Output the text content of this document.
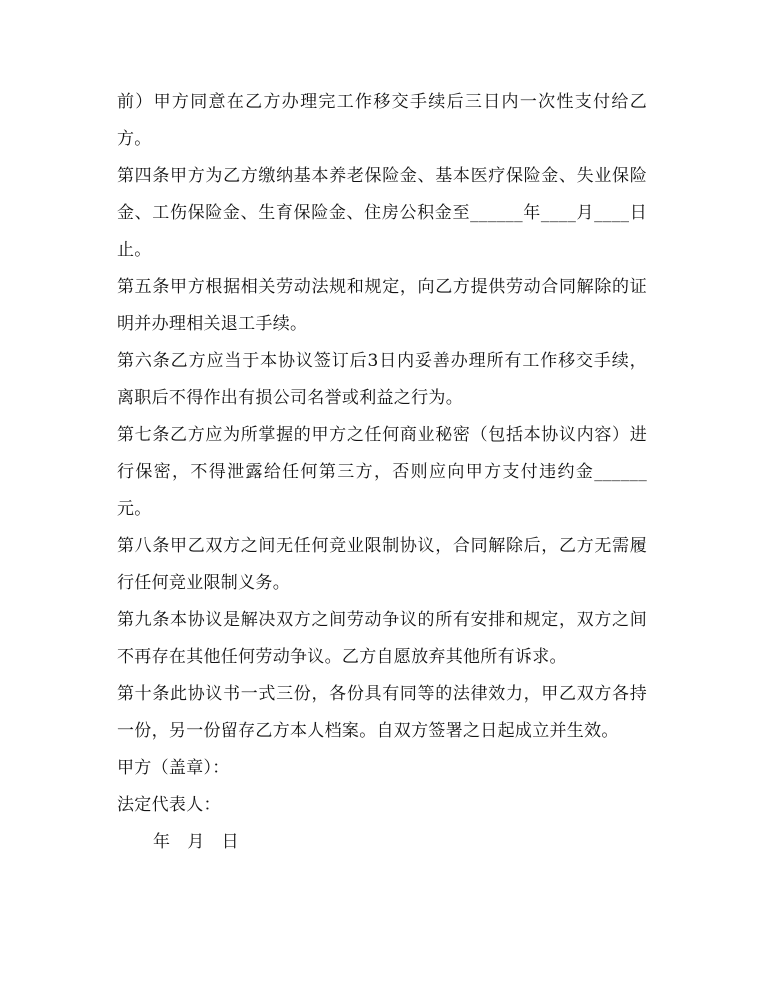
前）甲方同意在乙方办理完工作移交手续后三日内一次性支付给乙方。

第四条甲方为乙方缴纳基本养老保险金、基本医疗保险金、失业保险金、工伤保险金、生育保险金、住房公积金至______年____月____日止。

第五条甲方根据相关劳动法规和规定，向乙方提供劳动合同解除的证明并办理相关退工手续。

第六条乙方应当于本协议签订后3日内妥善办理所有工作移交手续，离职后不得作出有损公司名誉或利益之行为。

第七条乙方应为所掌握的甲方之任何商业秘密（包括本协议内容）进行保密，不得泄露给任何第三方，否则应向甲方支付违约金______元。

第八条甲乙双方之间无任何竞业限制协议，合同解除后，乙方无需履行任何竞业限制义务。

第九条本协议是解决双方之间劳动争议的所有安排和规定，双方之间不再存在其他任何劳动争议。乙方自愿放弃其他所有诉求。

第十条此协议书一式三份，各份具有同等的法律效力，甲乙双方各持一份，另一份留存乙方本人档案。自双方签署之日起成立并生效。

甲方（盖章）：

法定代表人：

年 月 日
